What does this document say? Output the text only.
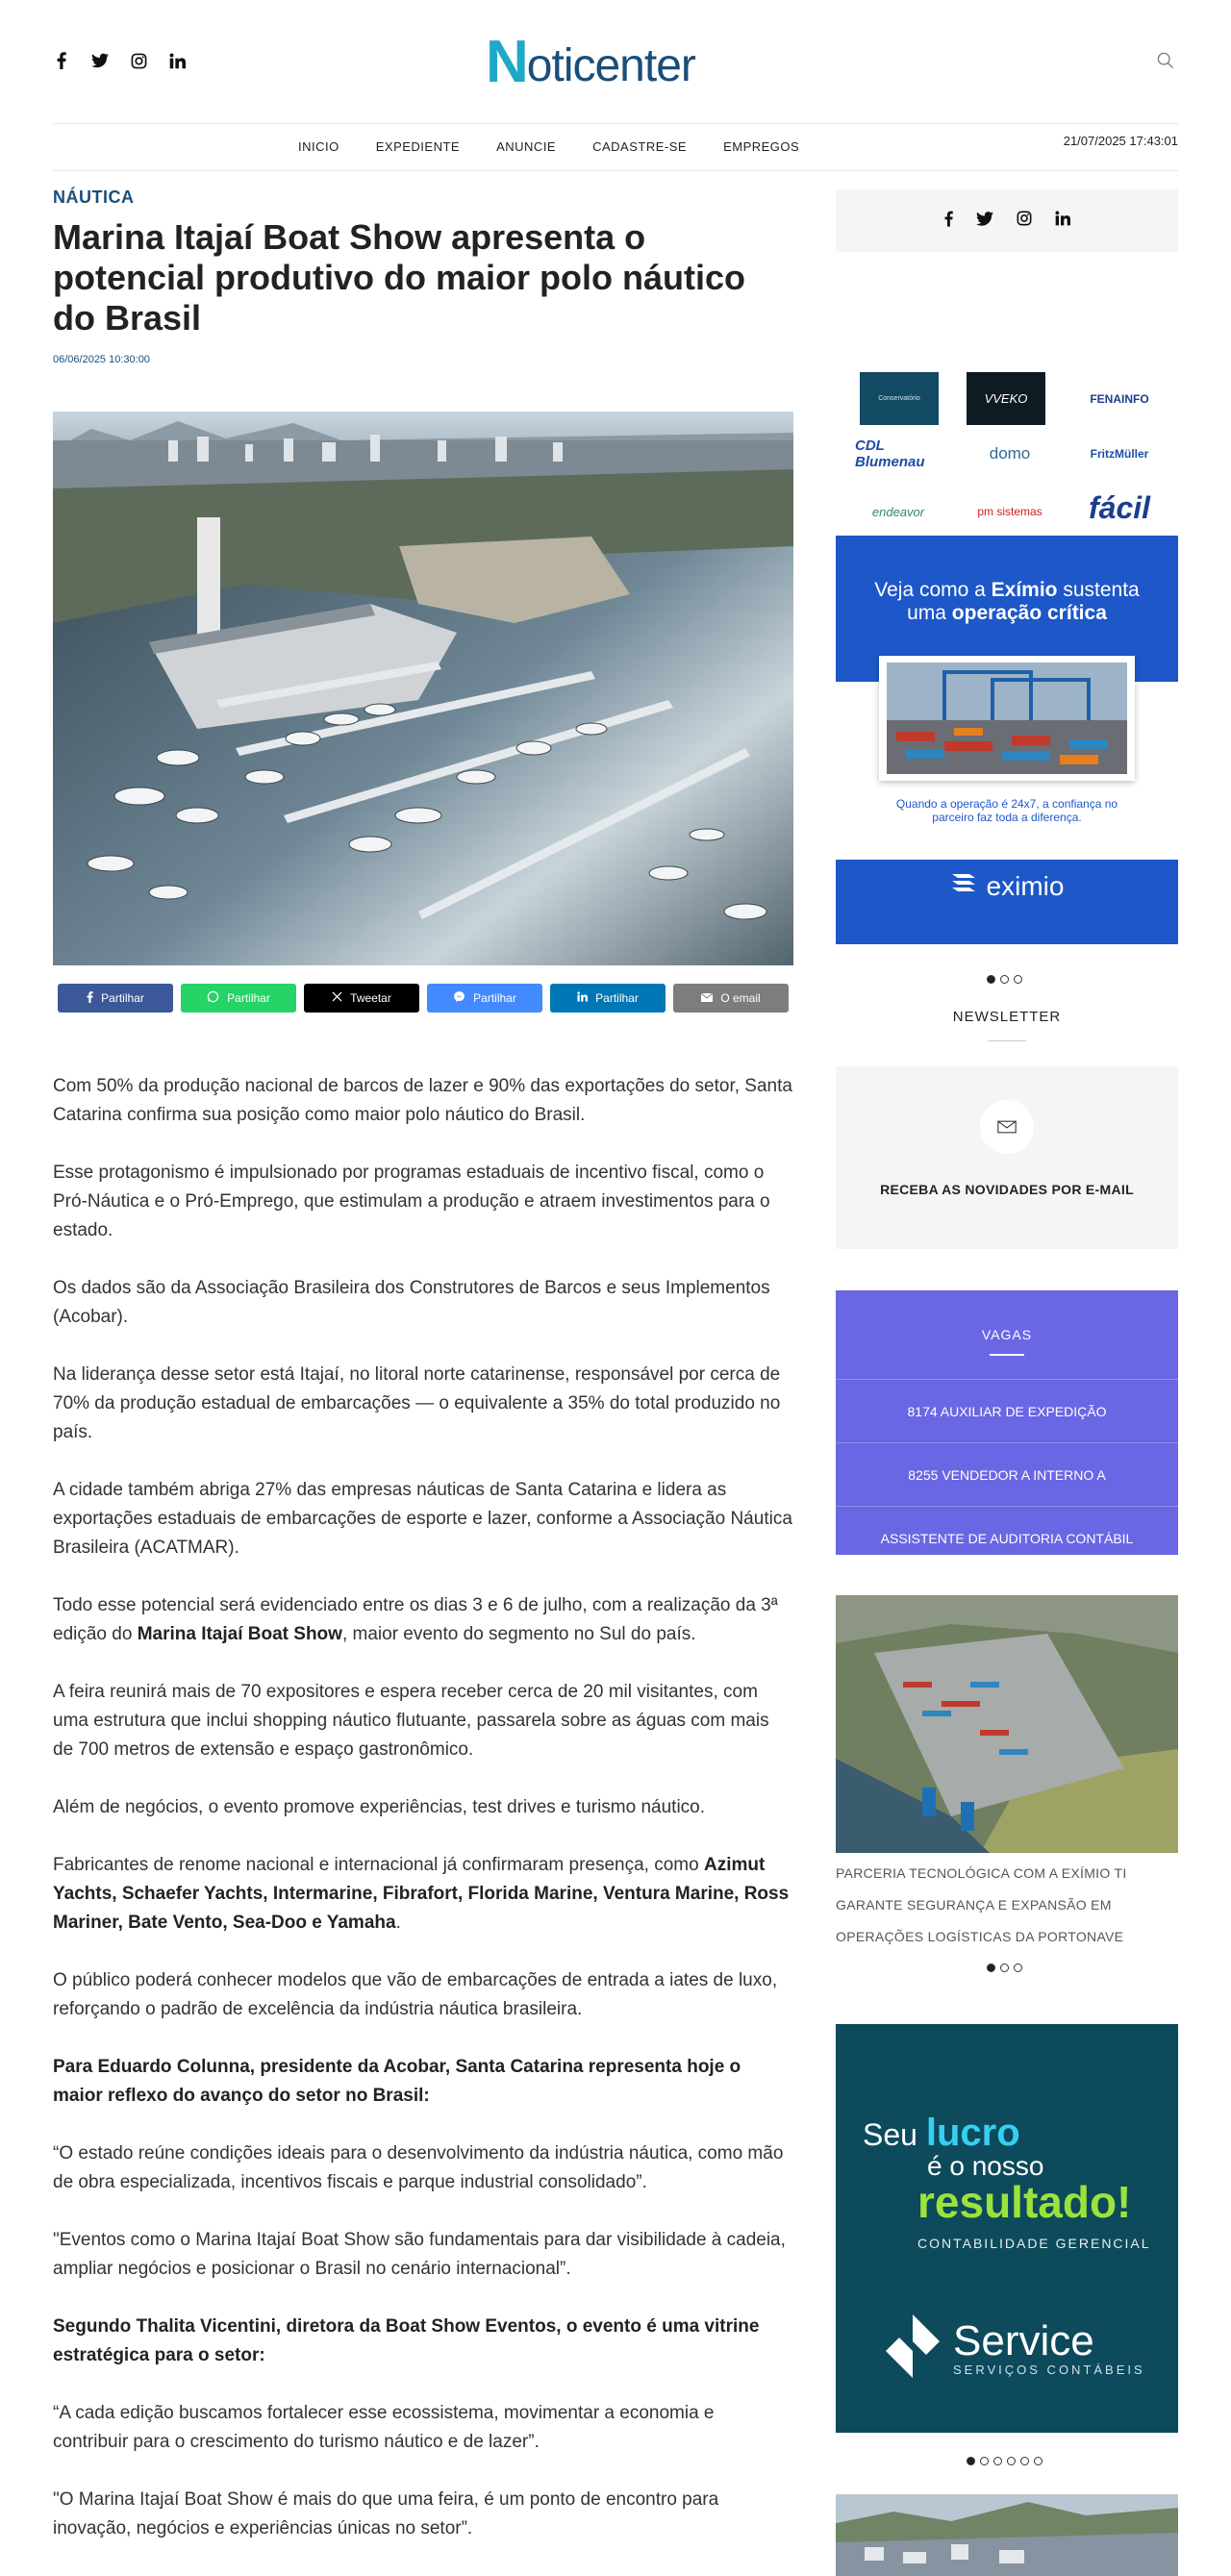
N oticenter
INICIO	EXPEDIENTE	ANUNCIE	CADASTRE-SE	EMPREGOS	21/07/2025 17:43:01
NÁUTICA
Marina Itajaí Boat Show apresenta o potencial produtivo do maior polo náutico do Brasil
06/06/2025 10:30:00
Partilhar	Partilhar	Tweetar	Partilhar	Partilhar	O email

Com 50% da produção nacional de barcos de lazer e 90% das exportações do setor, Santa Catarina confirma sua posição como maior polo náutico do Brasil.

Esse protagonismo é impulsionado por programas estaduais de incentivo fiscal, como o Pró-Náutica e o Pró-Emprego, que estimulam a produção e atraem investimentos para o estado.

Os dados são da Associação Brasileira dos Construtores de Barcos e seus Implementos (Acobar).

Na liderança desse setor está Itajaí, no litoral norte catarinense, responsável por cerca de 70% da produção estadual de embarcações — o equivalente a 35% do total produzido no país.

A cidade também abriga 27% das empresas náuticas de Santa Catarina e lidera as exportações estaduais de embarcações de esporte e lazer, conforme a Associação Náutica Brasileira (ACATMAR).

Todo esse potencial será evidenciado entre os dias 3 e 6 de julho, com a realização da 3ª edição do Marina Itajaí Boat Show, maior evento do segmento no Sul do país.

A feira reunirá mais de 70 expositores e espera receber cerca de 20 mil visitantes, com uma estrutura que inclui shopping náutico flutuante, passarela sobre as águas com mais de 700 metros de extensão e espaço gastronômico.

Além de negócios, o evento promove experiências, test drives e turismo náutico.

Fabricantes de renome nacional e internacional já confirmaram presença, como Azimut Yachts, Schaefer Yachts, Intermarine, Fibrafort, Florida Marine, Ventura Marine, Ross Mariner, Bate Vento, Sea-Doo e Yamaha.

O público poderá conhecer modelos que vão de embarcações de entrada a iates de luxo, reforçando o padrão de excelência da indústria náutica brasileira.

Para Eduardo Colunna, presidente da Acobar, Santa Catarina representa hoje o maior reflexo do avanço do setor no Brasil:

“O estado reúne condições ideais para o desenvolvimento da indústria náutica, como mão de obra especializada, incentivos fiscais e parque industrial consolidado”.

"Eventos como o Marina Itajaí Boat Show são fundamentais para dar visibilidade à cadeia, ampliar negócios e posicionar o Brasil no cenário internacional”.

Segundo Thalita Vicentini, diretora da Boat Show Eventos, o evento é uma vitrine estratégica para o setor:

“A cada edição buscamos fortalecer esse ecossistema, movimentar a economia e contribuir para o crescimento do turismo náutico e de lazer”.

"O Marina Itajaí Boat Show é mais do que uma feira, é um ponto de encontro para inovação, negócios e experiências únicas no setor”.

Conservatório	VVEKO	FENAINFO
CDL Blumenau	domo	FritzMüller
endeavor	pm sistemas	fácil
Veja como a Exímio sustenta
uma operação crítica
Quando a operação é 24x7, a confiança no parceiro faz toda a diferença.
eximio
NEWSLETTER
RECEBA AS NOVIDADES POR E-MAIL
VAGAS
8174 AUXILIAR DE EXPEDIÇÃO
8255 VENDEDOR A INTERNO A
ASSISTENTE DE AUDITORIA CONTÁBIL
PARCERIA TECNOLÓGICA COM A EXÍMIO TI GARANTE SEGURANÇA E EXPANSÃO EM OPERAÇÕES LOGÍSTICAS DA PORTONAVE
Seu lucro
é o nosso
resultado!
CONTABILIDADE GERENCIAL
Service
SERVIÇOS CONTÁBEIS
